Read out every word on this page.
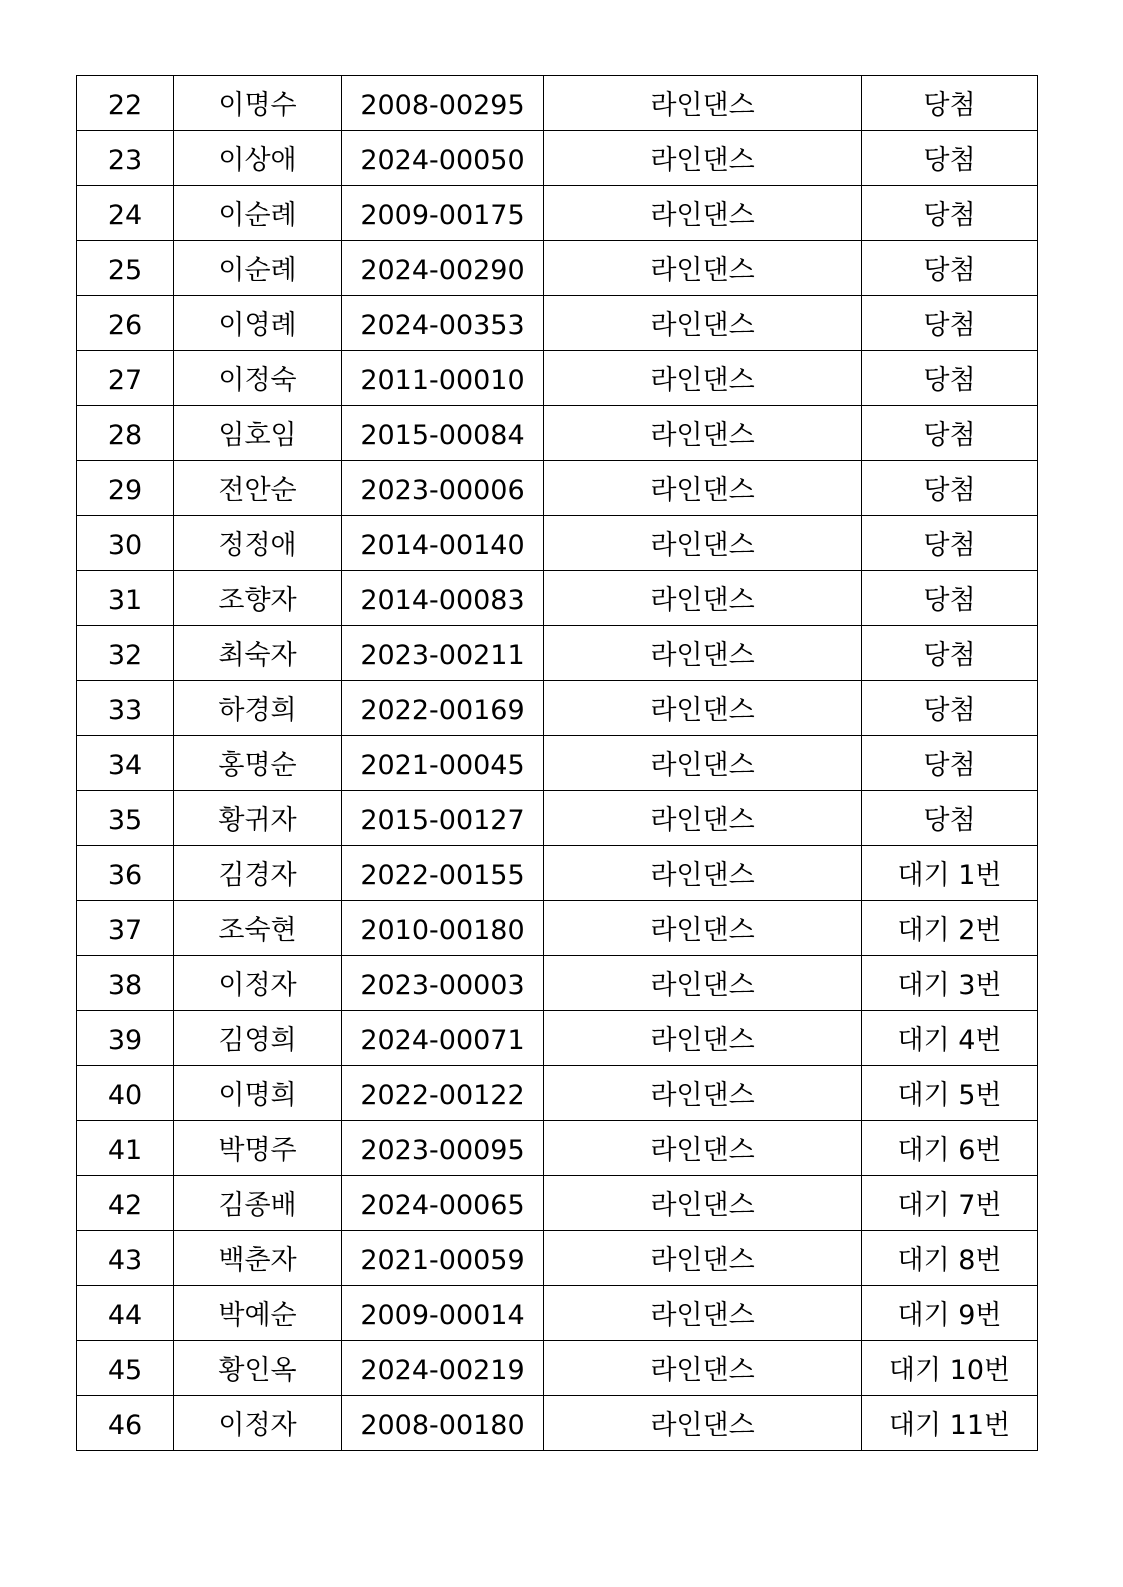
22	이명수	2008-00295	라인댄스	당첨
23	이상애	2024-00050	라인댄스	당첨
24	이순례	2009-00175	라인댄스	당첨
25	이순례	2024-00290	라인댄스	당첨
26	이영례	2024-00353	라인댄스	당첨
27	이정숙	2011-00010	라인댄스	당첨
28	임호임	2015-00084	라인댄스	당첨
29	전안순	2023-00006	라인댄스	당첨
30	정정애	2014-00140	라인댄스	당첨
31	조향자	2014-00083	라인댄스	당첨
32	최숙자	2023-00211	라인댄스	당첨
33	하경희	2022-00169	라인댄스	당첨
34	홍명순	2021-00045	라인댄스	당첨
35	황귀자	2015-00127	라인댄스	당첨
36	김경자	2022-00155	라인댄스	대기 1번
37	조숙현	2010-00180	라인댄스	대기 2번
38	이정자	2023-00003	라인댄스	대기 3번
39	김영희	2024-00071	라인댄스	대기 4번
40	이명희	2022-00122	라인댄스	대기 5번
41	박명주	2023-00095	라인댄스	대기 6번
42	김종배	2024-00065	라인댄스	대기 7번
43	백춘자	2021-00059	라인댄스	대기 8번
44	박예순	2009-00014	라인댄스	대기 9번
45	황인옥	2024-00219	라인댄스	대기 10번
46	이정자	2008-00180	라인댄스	대기 11번
